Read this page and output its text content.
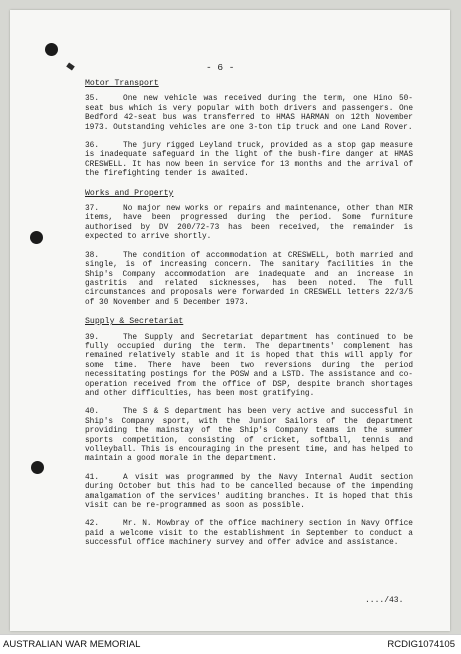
- 6 -
Motor Transport

35.	One new vehicle was received during the term, one Hino 50-seat bus which is very popular with both drivers and passengers. One Bedford 42-seat bus was transferred to HMAS HARMAN on 12th November 1973. Outstanding vehicles are one 3-ton tip truck and one Land Rover.

36.	The jury rigged Leyland truck, provided as a stop gap measure is inadequate safeguard in the light of the bush-fire danger at HMAS CRESWELL. It has now been in service for 13 months and the arrival of the firefighting tender is awaited.

Works and Property

37.	No major new works or repairs and maintenance, other than MIR items, have been progressed during the period. Some furniture authorised by DV 200/72-73 has been received, the remainder is expected to arrive shortly.

38.	The condition of accommodation at CRESWELL, both married and single, is of increasing concern. The sanitary facilities in the Ship's Company accommodation are inadequate and an increase in gastritis and related sicknesses, has been noted. The full circumstances and proposals were forwarded in CRESWELL letters 22/3/5 of 30 November and 5 December 1973.

Supply & Secretariat

39.	The Supply and Secretariat department has continued to be fully occupied during the term. The departments' complement has remained relatively stable and it is hoped that this will apply for some time. There have been two reversions during the period necessitating postings for the POSW and a LSTD. The assistance and co-operation received from the office of DSP, despite branch shortages and other difficulties, has been most gratifying.

40.	The S & S department has been very active and successful in Ship's Company sport, with the Junior Sailors of the department providing the mainstay of the Ship's Company teams in the summer sports competition, consisting of cricket, softball, tennis and volleyball. This is encouraging in the present time, and has helped to maintain a good morale in the department.

41.	A visit was programmed by the Navy Internal Audit section during October but this had to be cancelled because of the impending amalgamation of the services' auditing branches. It is hoped that this visit can be re-programmed as soon as possible.

42.	Mr. N. Mowbray of the office machinery section in Navy Office paid a welcome visit to the establishment in September to conduct a successful office machinery survey and offer advice and assistance.

..../43.
AUSTRALIAN WAR MEMORIAL	RCDIG1074105
